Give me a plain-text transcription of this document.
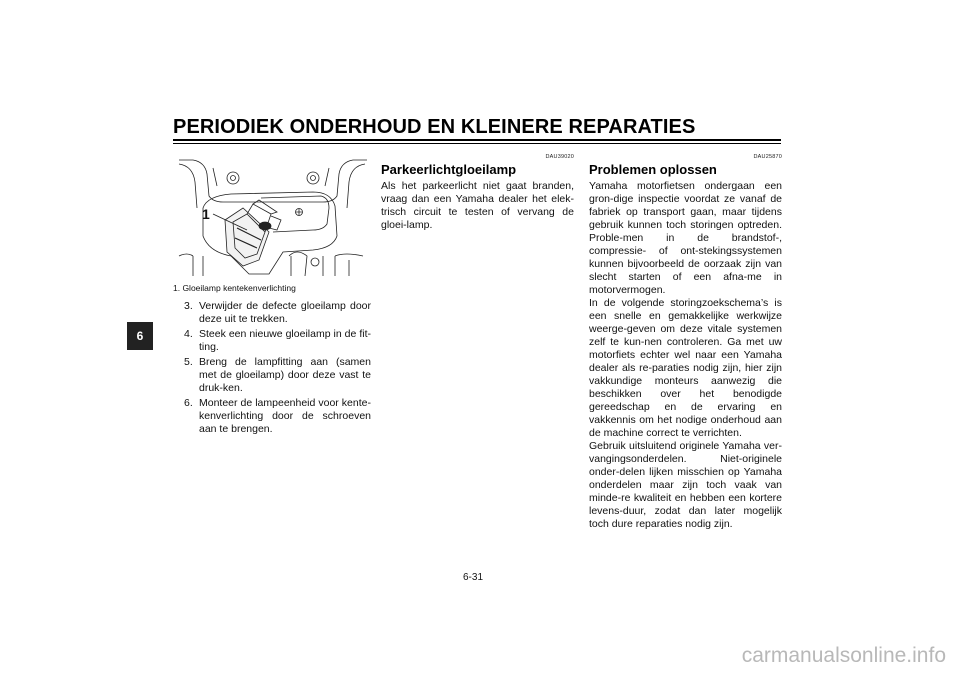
PERIODIEK ONDERHOUD EN KLEINERE REPARATIES
6
1
1. Gloeilamp kentekenverlichting
3. Verwijder de defecte gloeilamp door deze uit te trekken.
4. Steek een nieuwe gloeilamp in de fit-ting.
5. Breng de lampfitting aan (samen met de gloeilamp) door deze vast te druk-ken.
6. Monteer de lampeenheid voor kente-kenverlichting door de schroeven aan te brengen.
DAU39020
Parkeerlichtgloeilamp

Als het parkeerlicht niet gaat branden, vraag dan een Yamaha dealer het elek-trisch circuit te testen of vervang de gloei-lamp.

DAU25870
Problemen oplossen

Yamaha motorfietsen ondergaan een gron-dige inspectie voordat ze vanaf de fabriek op transport gaan, maar tijdens gebruik kunnen toch storingen optreden. Proble-men in de brandstof-, compressie- of ont-stekingssystemen kunnen bijvoorbeeld de oorzaak zijn van slecht starten of een afna-me in motorvermogen.

In de volgende storingzoekschema’s is een snelle en gemakkelijke werkwijze weerge-geven om deze vitale systemen zelf te kun-nen controleren. Ga met uw motorfiets echter wel naar een Yamaha dealer als re-paraties nodig zijn, hier zijn vakkundige monteurs aanwezig die beschikken over het benodigde gereedschap en de ervaring en vakkennis om het nodige onderhoud aan de machine correct te verrichten.

Gebruik uitsluitend originele Yamaha ver-vangingsonderdelen. Niet-originele onder-delen lijken misschien op Yamaha onderdelen maar zijn toch vaak van minde-re kwaliteit en hebben een kortere levens-duur, zodat dan later mogelijk toch dure reparaties nodig zijn.

6-31
carmanualsonline.info
